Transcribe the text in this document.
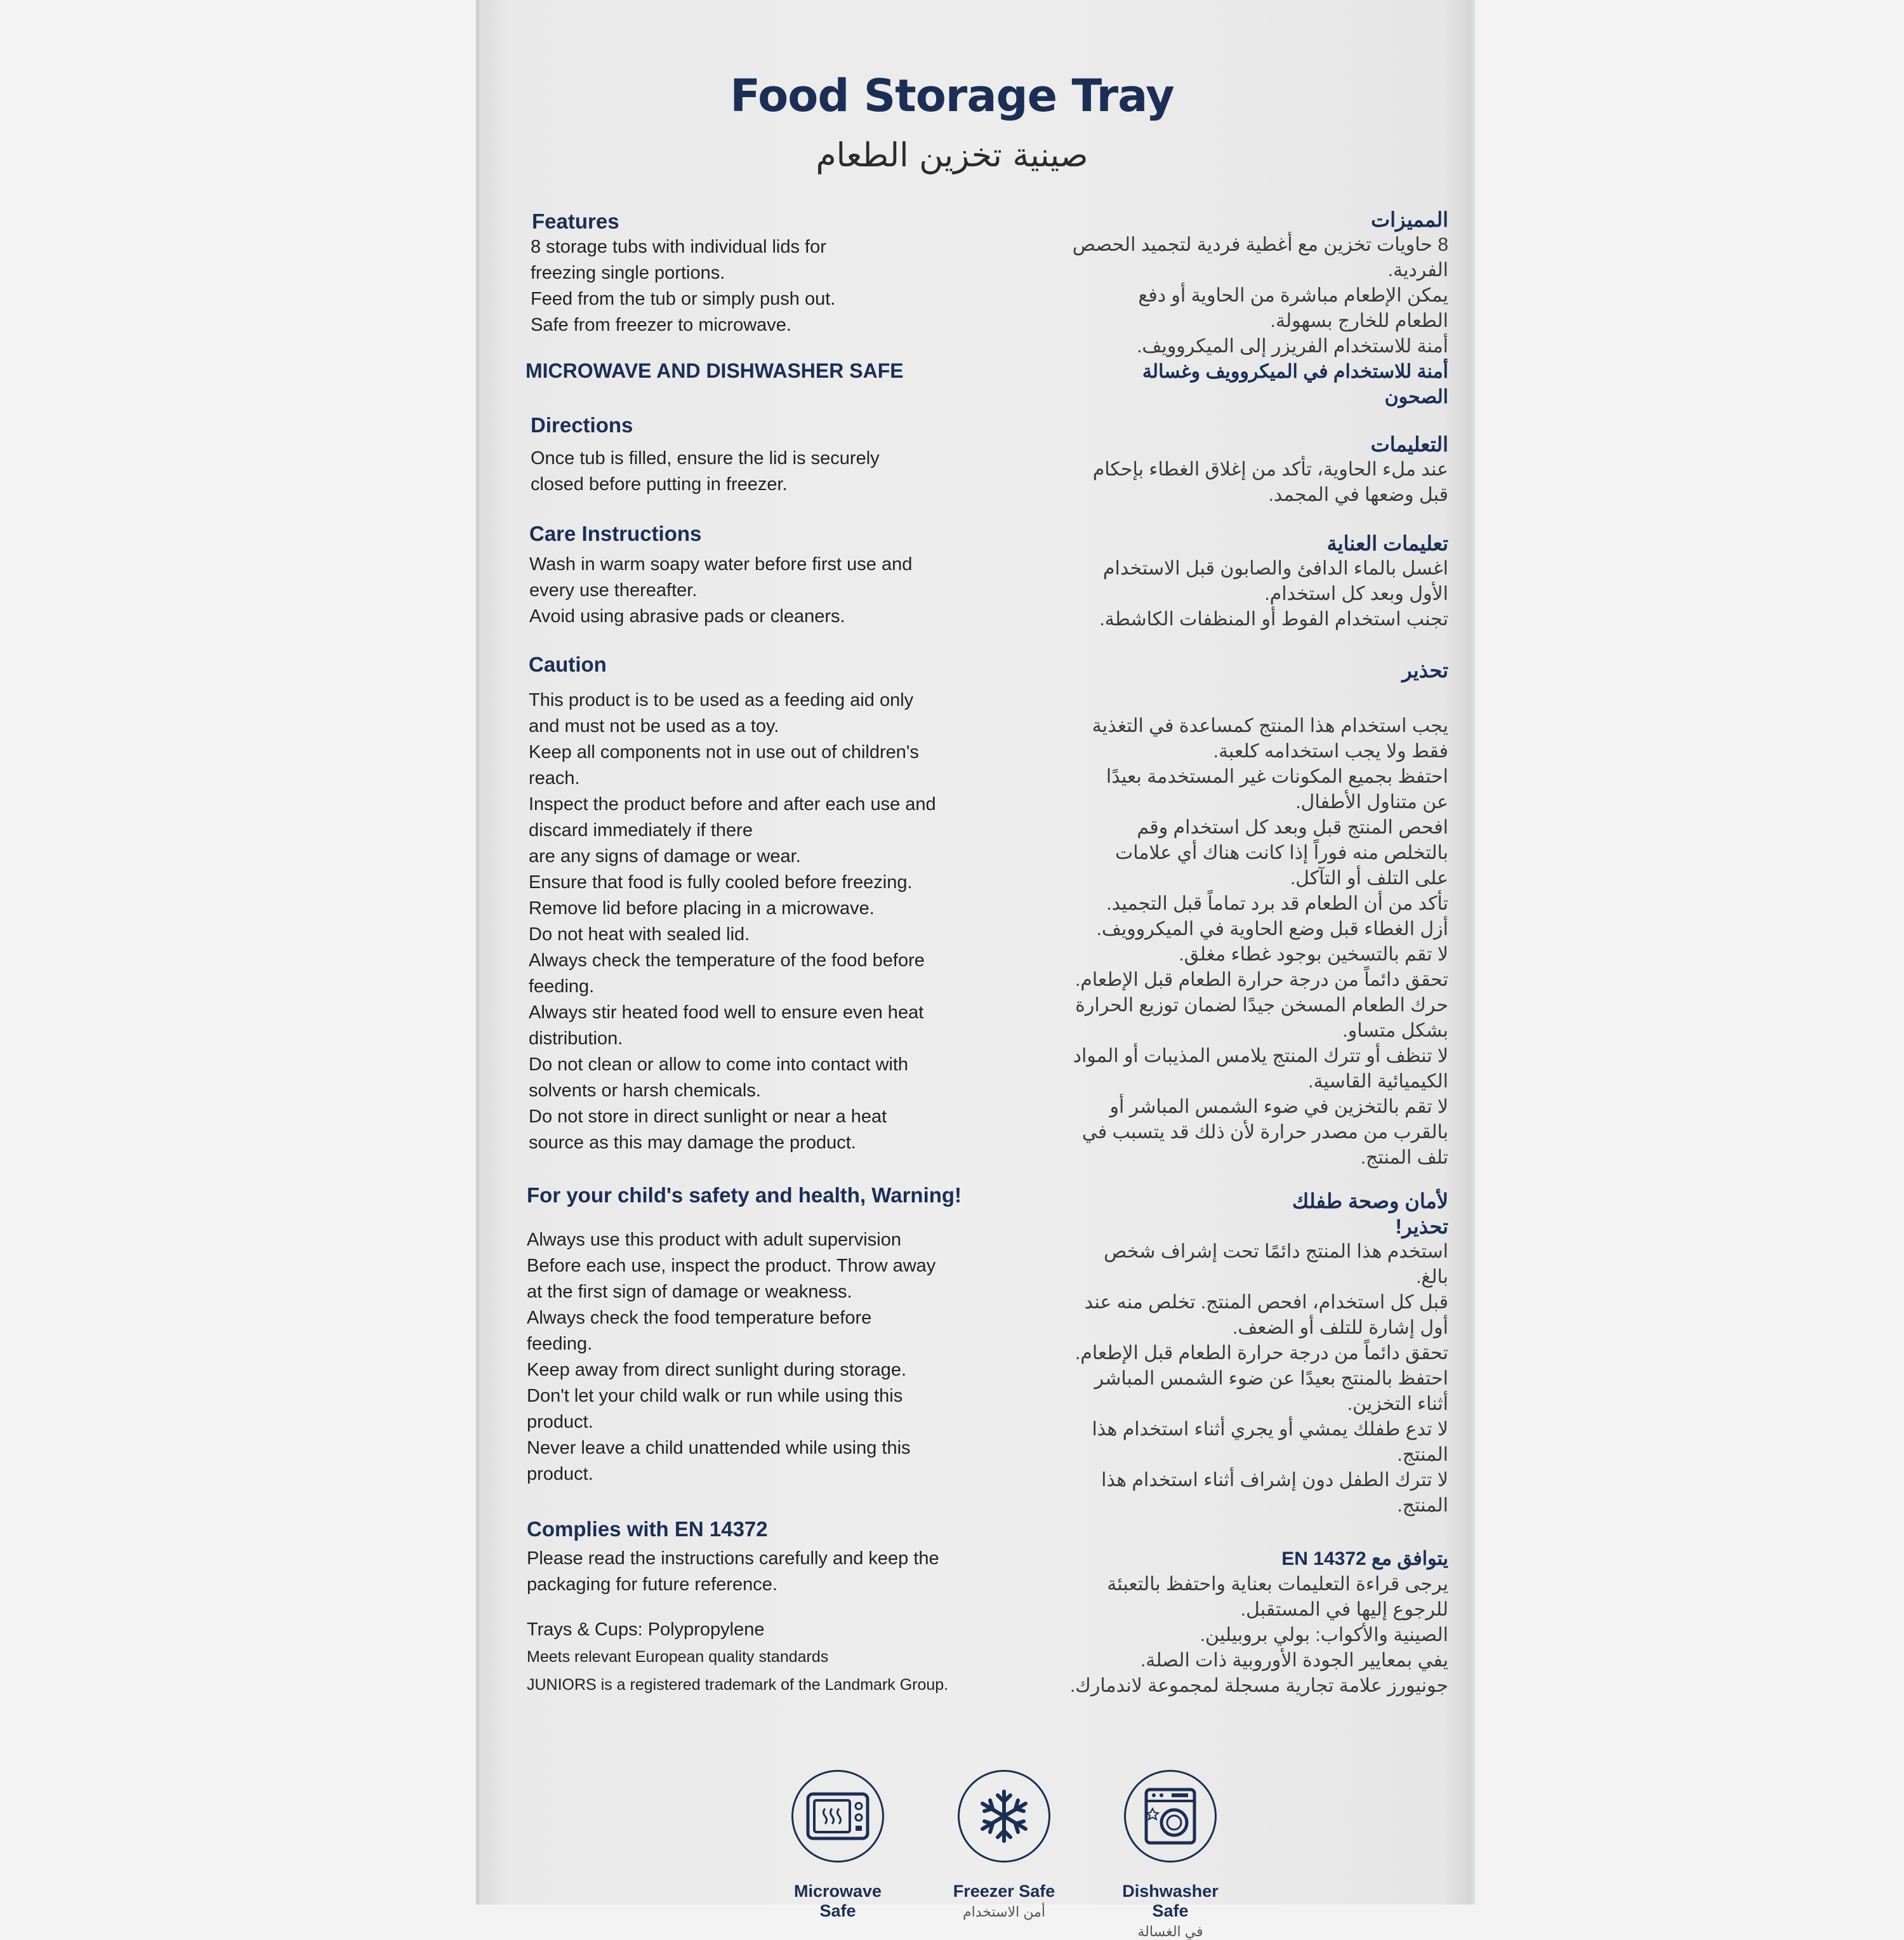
Food Storage Tray
صينية تخزين الطعام
Features

8 storage tubs with individual lids for

freezing single portions.

Feed from the tub or simply push out.

Safe from freezer to microwave.

MICROWAVE AND DISHWASHER SAFE
Directions

Once tub is filled, ensure the lid is securely

closed before putting in freezer.

Care Instructions

Wash in warm soapy water before first use and

every use thereafter.

Avoid using abrasive pads or cleaners.

Caution

This product is to be used as a feeding aid only

and must not be used as a toy.

Keep all components not in use out of children's

reach.

Inspect the product before and after each use and

discard immediately if there

are any signs of damage or wear.

Ensure that food is fully cooled before freezing.

Remove lid before placing in a microwave.

Do not heat with sealed lid.

Always check the temperature of the food before

feeding.

Always stir heated food well to ensure even heat

distribution.

Do not clean or allow to come into contact with

solvents or harsh chemicals.

Do not store in direct sunlight or near a heat

source as this may damage the product.

For your child's safety and health, Warning!

Always use this product with adult supervision

Before each use, inspect the product. Throw away

at the first sign of damage or weakness.

Always check the food temperature before

feeding.

Keep away from direct sunlight during storage.

Don't let your child walk or run while using this

product.

Never leave a child unattended while using this

product.

Complies with EN 14372

Please read the instructions carefully and keep the

packaging for future reference.

Trays & Cups: Polypropylene

Meets relevant European quality standards

JUNIORS is a registered trademark of the Landmark Group.

المميزات

8 حاويات تخزين مع أغطية فردية لتجميد الحصص

الفردية.

يمكن الإطعام مباشرة من الحاوية أو دفع

الطعام للخارج بسهولة.

أمنة للاستخدام الفريزر إلى الميكروويف.

أمنة للاستخدام في الميكروويف وغسالة

الصحون

التعليمات

عند ملء الحاوية، تأكد من إغلاق الغطاء بإحكام

قبل وضعها في المجمد.

تعليمات العناية

اغسل بالماء الدافئ والصابون قبل الاستخدام

الأول وبعد كل استخدام.

تجنب استخدام الفوط أو المنظفات الكاشطة.

تحذير

يجب استخدام هذا المنتج كمساعدة في التغذية

فقط ولا يجب استخدامه كلعبة.

احتفظ بجميع المكونات غير المستخدمة بعيدًا

عن متناول الأطفال.

افحص المنتج قبل وبعد كل استخدام وقم

بالتخلص منه فوراً إذا كانت هناك أي علامات

على التلف أو التآكل.

تأكد من أن الطعام قد برد تماماً قبل التجميد.

أزل الغطاء قبل وضع الحاوية في الميكروويف.

لا تقم بالتسخين بوجود غطاء مغلق.

تحقق دائماً من درجة حرارة الطعام قبل الإطعام.

حرك الطعام المسخن جيدًا لضمان توزيع الحرارة

بشكل متساو.

لا تنظف أو تترك المنتج يلامس المذيبات أو المواد

الكيميائية القاسية.

لا تقم بالتخزين في ضوء الشمس المباشر أو

بالقرب من مصدر حرارة لأن ذلك قد يتسبب في

تلف المنتج.

لأمان وصحة طفلك
تحذير!

استخدم هذا المنتج دائمًا تحت إشراف شخص

بالغ.

قبل كل استخدام، افحص المنتج. تخلص منه عند

أول إشارة للتلف أو الضعف.

تحقق دائماً من درجة حرارة الطعام قبل الإطعام.

احتفظ بالمنتج بعيدًا عن ضوء الشمس المباشر

أثناء التخزين.

لا تدع طفلك يمشي أو يجري أثناء استخدام هذا

المنتج.

لا تترك الطفل دون إشراف أثناء استخدام هذا

المنتج.

يتوافق مع EN 14372

يرجى قراءة التعليمات بعناية واحتفظ بالتعبئة

للرجوع إليها في المستقبل.

الصينية والأكواب: بولي بروبيلين.

يفي بمعايير الجودة الأوروبية ذات الصلة.

جونيورز علامة تجارية مسجلة لمجموعة لاندمارك.

Microwave Safe
Freezer Safe
أمن الاستخدام
Dishwasher Safe
في الغسالة
